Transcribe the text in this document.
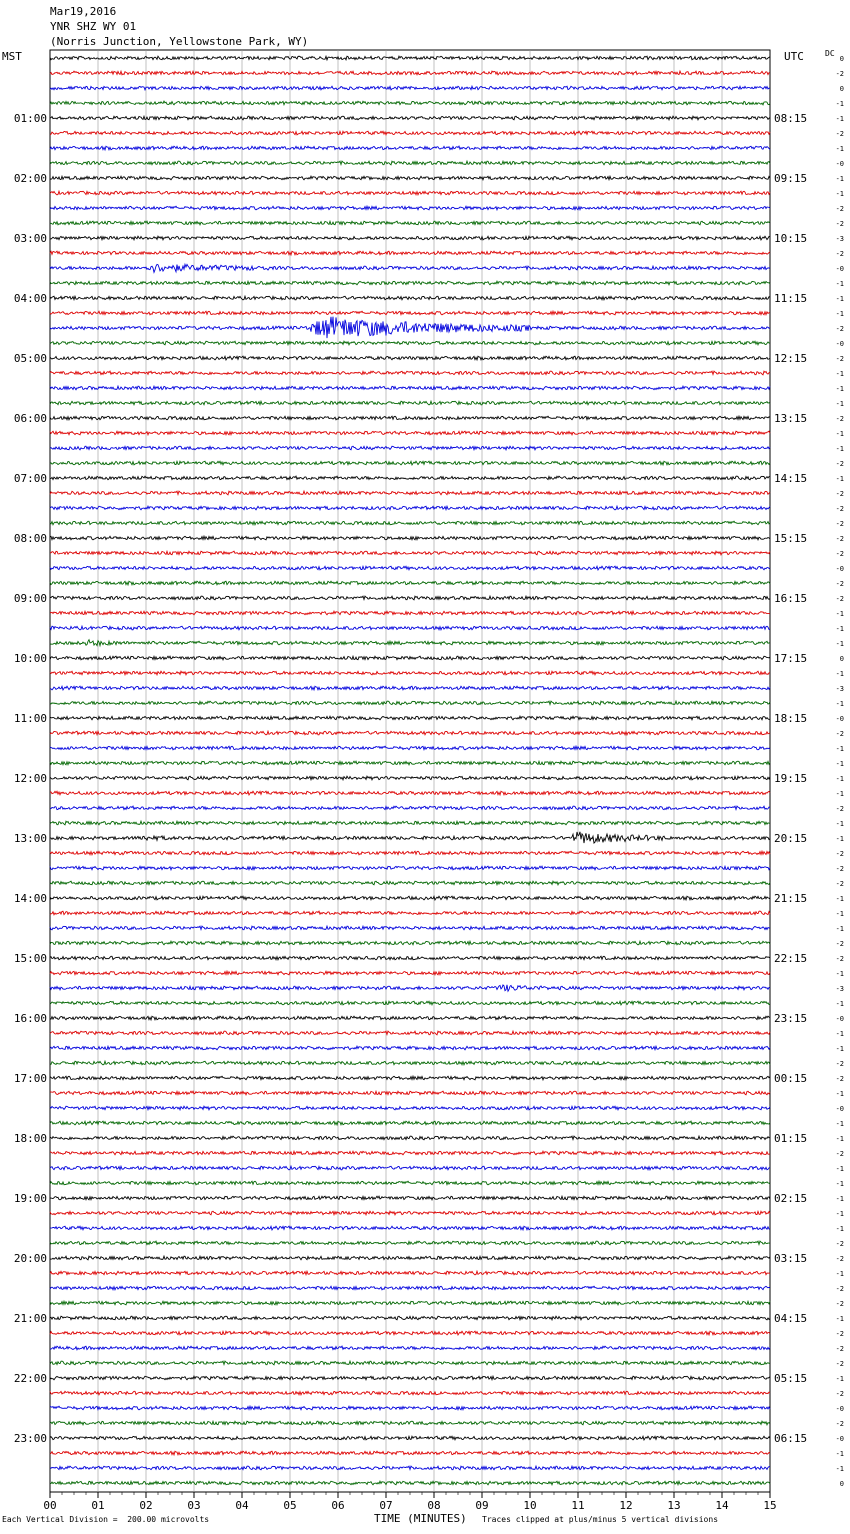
Mar19,2016
YNR SHZ WY 01
(Norris Junction, Yellowstone Park, WY)
MST	UTC	DC
00	01	02	03	04	05	06	07	08	09	10	11	12	13	14	15
0
-2
0
-1
-1
-2
-1
-0
-1
-1
-2
-2
-3
-2
-0
-1
-1
-1
-2
-0
-2
-1
-1
-1
-2
-1
-1
-2
-1
-2
-2
-2
-2
-2
-0
-2
-2
-1
-1
-1
0
-1
-3
-1
-0
-2
-1
-1
-1
-1
-2
-1
-1
-2
-2
-2
-1
-1
-1
-2
-2
-1
-3
-1
-0
-1
-1
-2
-2
-1
-0
-1
-1
-2
-1
-1
-1
-1
-1
-2
-2
-1
-2
-2
-1
-2
-2
-2
-1
-2
-0
-2
-0
-1
-1
0
01:00	08:15
02:00	09:15
03:00	10:15
04:00	11:15
05:00	12:15
06:00	13:15
07:00	14:15
08:00	15:15
09:00	16:15
10:00	17:15
11:00	18:15
12:00	19:15
13:00	20:15
14:00	21:15
15:00	22:15
16:00	23:15
17:00	00:15
18:00	01:15
19:00	02:15
20:00	03:15
21:00	04:15
22:00	05:15
23:00	06:15
Each Vertical Division =  200.00 microvolts	TIME (MINUTES) Traces clipped at plus/minus 5 vertical divisions
